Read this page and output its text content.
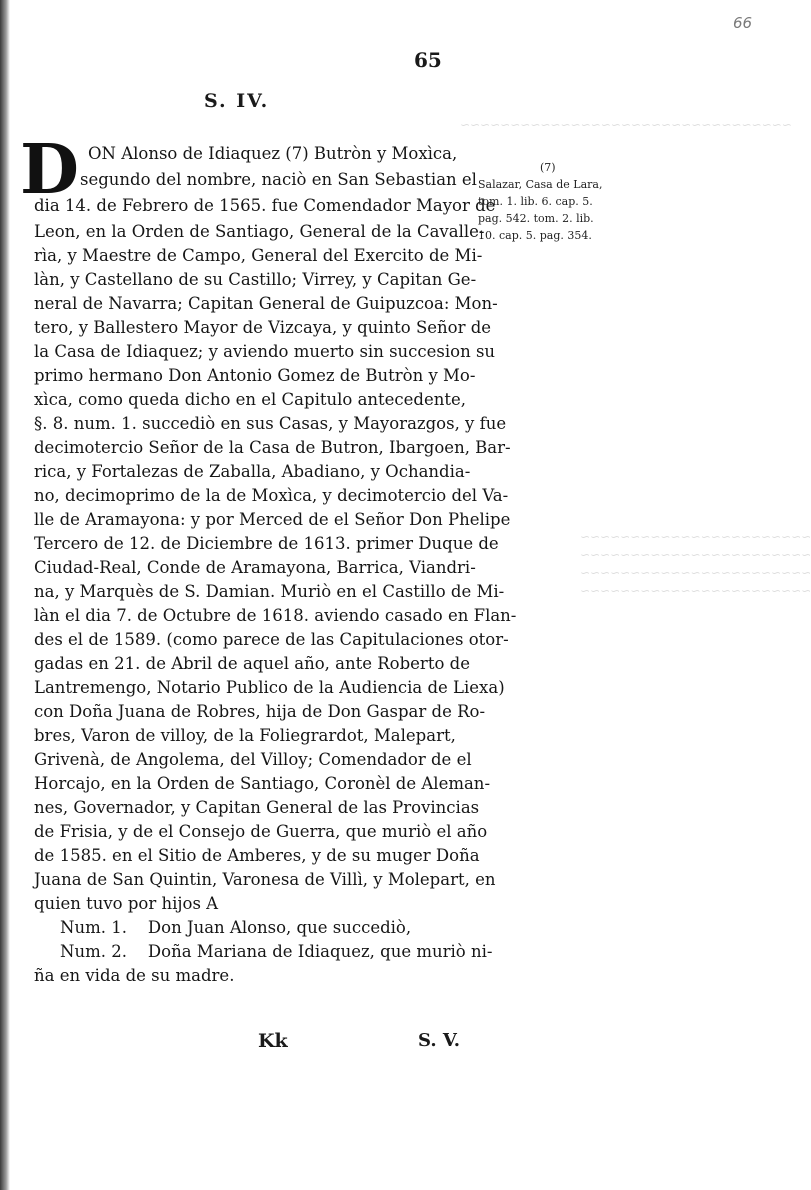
~~~~~~~~~~~~~~~~~~~~~~~~~~~~~~~~~
~~~~~~~~~~~~~~~~~~~~~~~
~~~~~~~~~~~~~~~~~~~~~~~
~~~~~~~~~~~~~~~~~~~~~~~
~~~~~~~~~~~~~~~~~~~~~~~
66
65
S. IV.
D ON Alonso de Idiaquez (7) Butròn y Moxìca,
segundo del nombre, naciò en San Sebastian el
dia 14. de Febrero de 1565. fue Comendador Mayor de
Leon, en la Orden de Santiago, General de la Cavalle-
rìa, y Maestre de Campo, General del Exercito de Mi-
làn, y Castellano de su Castillo; Virrey, y Capitan Ge-
neral de Navarra; Capitan General de Guipuzcoa: Mon-
tero, y Ballestero Mayor de Vizcaya, y quinto Señor de
la Casa de Idiaquez; y aviendo muerto sin succesion su
primo hermano Don Antonio Gomez de Butròn y Mo-
xìca, como queda dicho en el Capitulo antecedente,
§. 8. num. 1. succediò en sus Casas, y Mayorazgos, y fue
decimotercio Señor de la Casa de Butron, Ibargoen, Bar-
rica, y Fortalezas de Zaballa, Abadiano, y Ochandia-
no, decimoprimo de la de Moxìca, y decimotercio del Va-
lle de Aramayona: y por Merced de el Señor Don Phelipe
Tercero de 12. de Diciembre de 1613. primer Duque de
Ciudad-Real, Conde de Aramayona, Barrica, Viandri-
na, y Marquès de S. Damian. Muriò en el Castillo de Mi-
làn el dia 7. de Octubre de 1618. aviendo casado en Flan-
des el de 1589. (como parece de las Capitulaciones otor-
gadas en 21. de Abril de aquel año, ante Roberto de
Lantremengo, Notario Publico de la Audiencia de Liexa)
con Doña Juana de Robres, hija de Don Gaspar de Ro-
bres, Varon de villoy, de la Foliegrardot, Malepart,
Grivenà, de Angolema, del Villoy; Comendador de el
Horcajo, en la Orden de Santiago, Coronèl de Aleman-
nes, Governador, y Capitan General de las Provincias
de Frisia, y de el Consejo de Guerra, que muriò el año
de 1585. en el Sitio de Amberes, y de su muger Doña
Juana de San Quintin, Varonesa de Villì, y Molepart, en
quien tuvo por hijos A
Num. 1.    Don Juan Alonso, que succediò,
Num. 2.    Doña Mariana de Idiaquez, que muriò ni-
ña en vida de su madre.
(7)
Salazar, Casa de Lara,
tom. 1. lib. 6. cap. 5.
pag. 542. tom. 2. lib.
10. cap. 5. pag. 354.
Kk	S. V.
